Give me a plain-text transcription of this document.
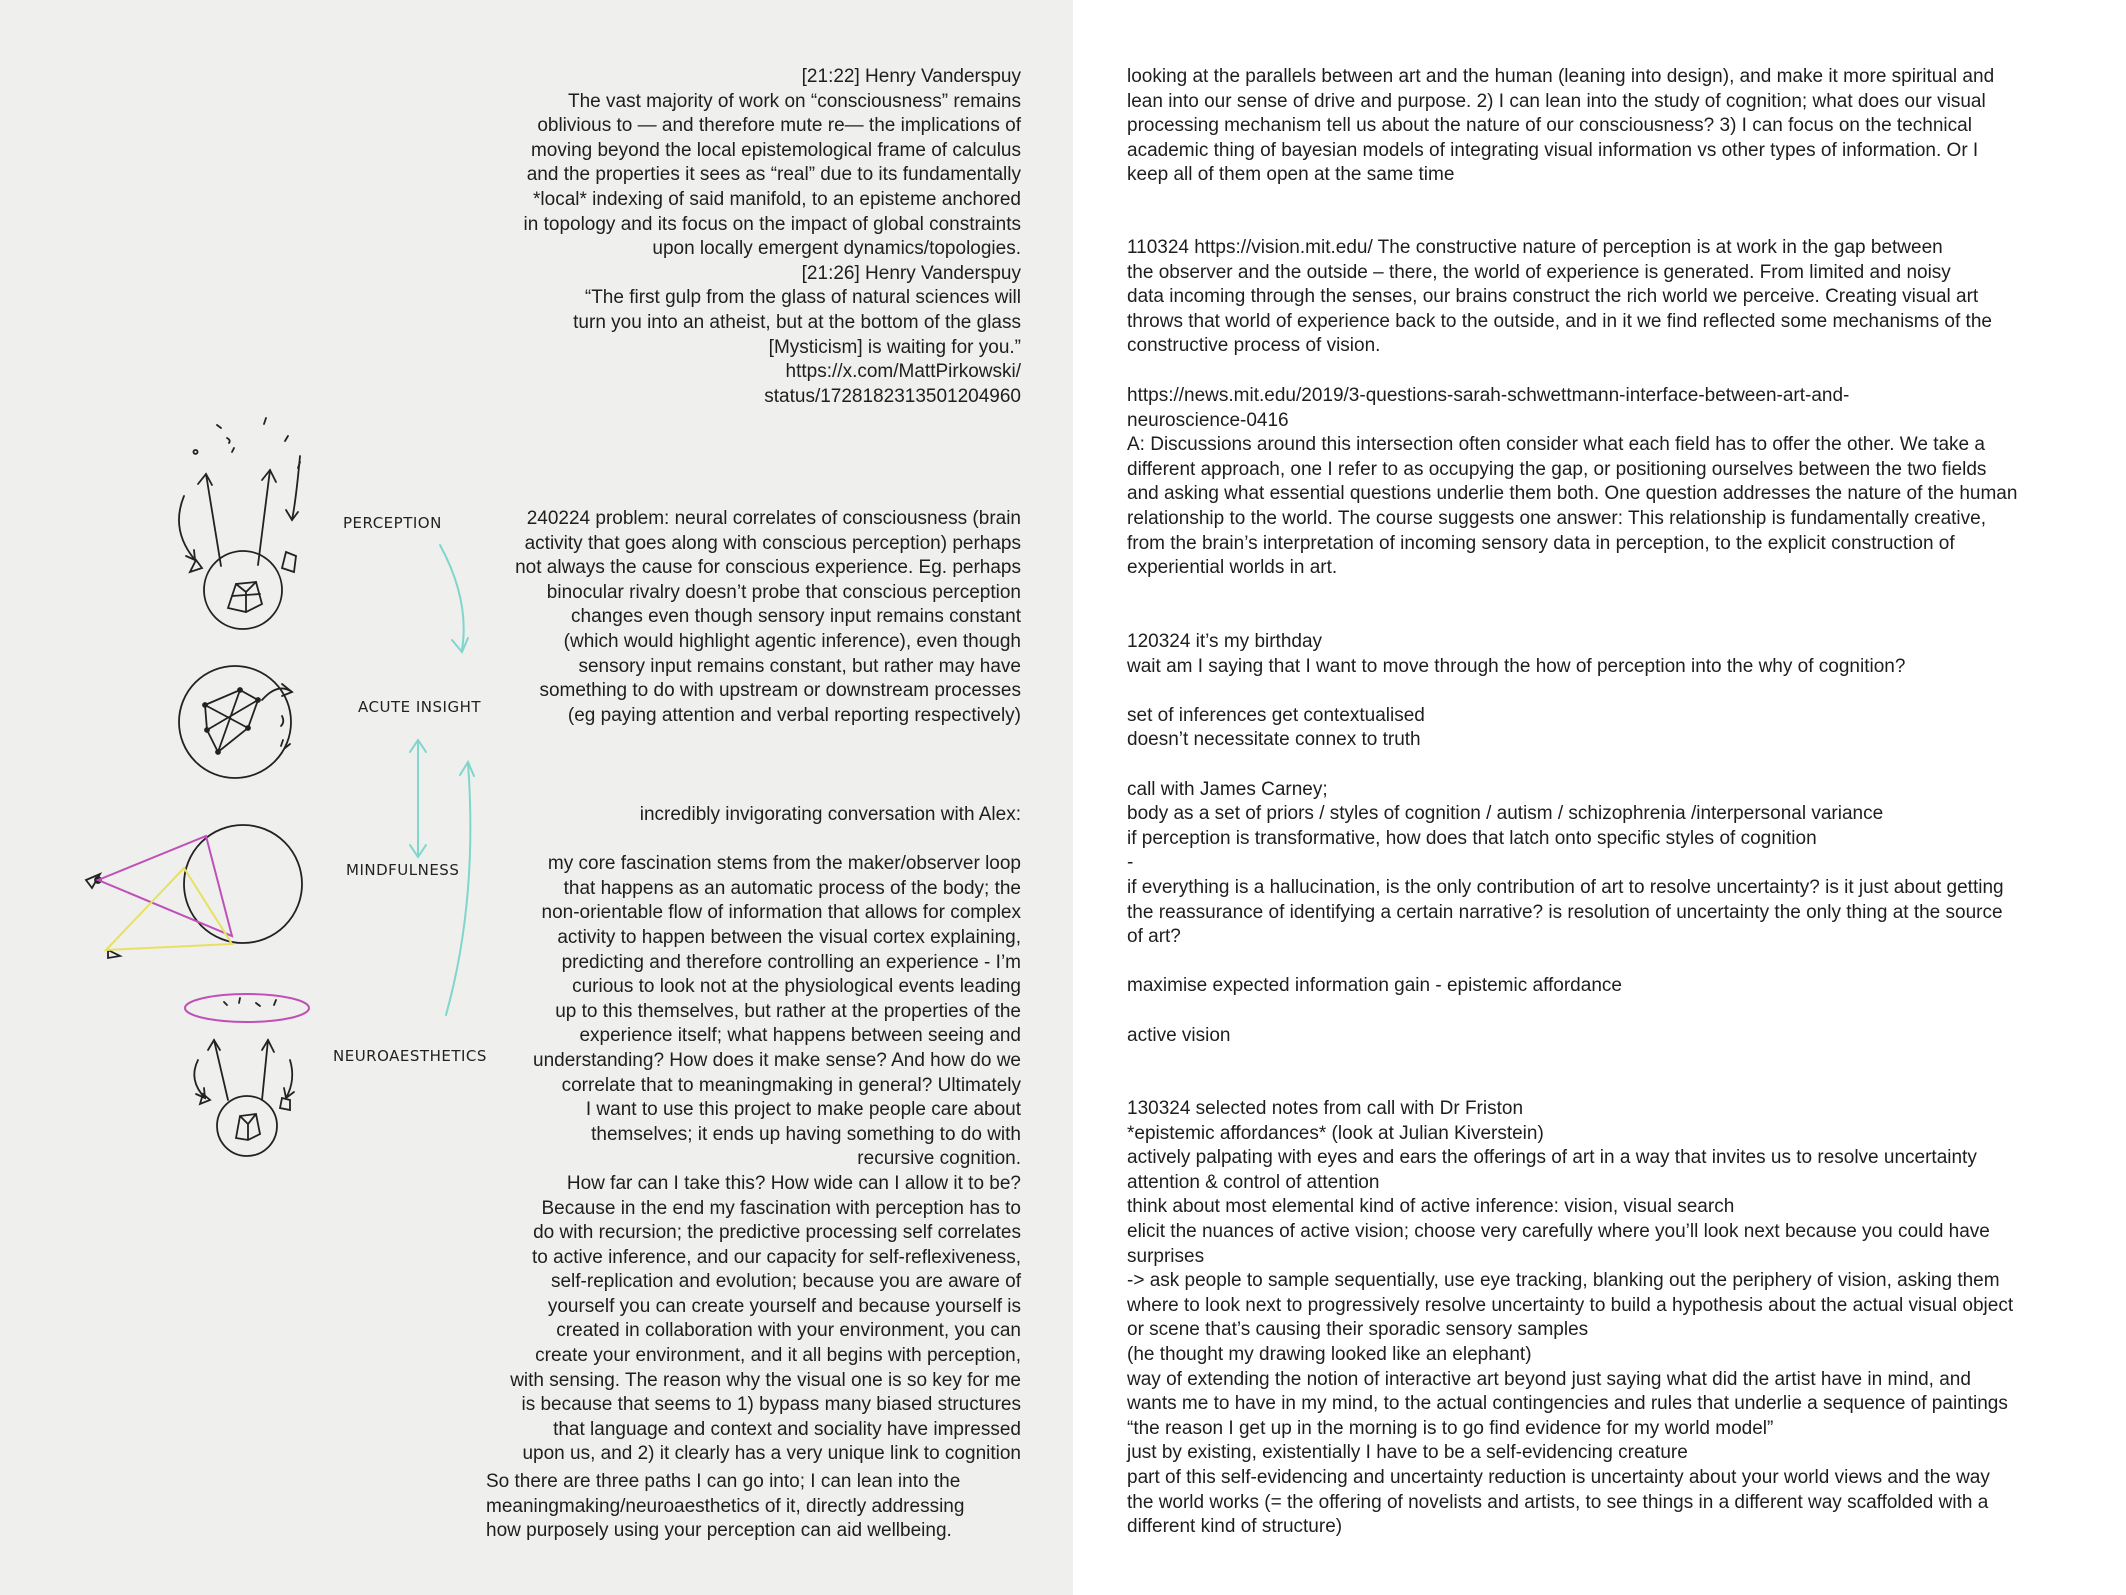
PERCEPTION
ACUTE INSIGHT
MINDFULNESS
NEUROAESTHETICS
[21:22] Henry Vanderspuy
The vast majority of work on “consciousness” remains
oblivious to — and therefore mute re— the implications of
moving beyond the local epistemological frame of calculus
and the properties it sees as “real” due to its fundamentally
*local* indexing of said manifold, to an episteme anchored
in topology and its focus on the impact of global constraints
upon locally emergent dynamics/topologies.
[21:26] Henry Vanderspuy
“The first gulp from the glass of natural sciences will
turn you into an atheist, but at the bottom of the glass
[Mysticism] is waiting for you.”
https://x.com/MattPirkowski/
status/1728182313501204960
240224 problem: neural correlates of consciousness (brain
activity that goes along with conscious perception) perhaps
not always the cause for conscious experience. Eg. perhaps
binocular rivalry doesn’t probe that conscious perception
changes even though sensory input remains constant
(which would highlight agentic inference), even though
sensory input remains constant, but rather may have
something to do with upstream or downstream processes
(eg paying attention and verbal reporting respectively)
incredibly invigorating conversation with Alex:

my core fascination stems from the maker/observer loop
that happens as an automatic process of the body; the
non-orientable flow of information that allows for complex
activity to happen between the visual cortex explaining,
predicting and therefore controlling an experience - I’m
curious to look not at the physiological events leading
up to this themselves, but rather at the properties of the
experience itself; what happens between seeing and
understanding? How does it make sense? And how do we
correlate that to meaningmaking in general? Ultimately
I want to use this project to make people care about
themselves; it ends up having something to do with
recursive cognition.
How far can I take this? How wide can I allow it to be?
Because in the end my fascination with perception has to
do with recursion; the predictive processing self correlates
to active inference, and our capacity for self-reflexiveness,
self-replication and evolution; because you are aware of
yourself you can create yourself and because yourself is
created in collaboration with your environment, you can
create your environment, and it all begins with perception,
with sensing. The reason why the visual one is so key for me
is because that seems to 1) bypass many biased structures
that language and context and sociality have impressed
upon us, and 2) it clearly has a very unique link to cognition
So there are three paths I can go into; I can lean into the
meaningmaking/neuroaesthetics of it, directly addressing
how purposely using your perception can aid wellbeing.
looking at the parallels between art and the human (leaning into design), and make it more spiritual and
lean into our sense of drive and purpose. 2) I can lean into the study of cognition; what does our visual
processing mechanism tell us about the nature of our consciousness? 3) I can focus on the technical
academic thing of bayesian models of integrating visual information vs other types of information. Or I
keep all of them open at the same time
110324 https://vision.mit.edu/ The constructive nature of perception is at work in the gap between
the observer and the outside – there, the world of experience is generated. From limited and noisy
data incoming through the senses, our brains construct the rich world we perceive. Creating visual art
throws that world of experience back to the outside, and in it we find reflected some mechanisms of the
constructive process of vision.
https://news.mit.edu/2019/3-questions-sarah-schwettmann-interface-between-art-and-
neuroscience-0416
A: Discussions around this intersection often consider what each field has to offer the other. We take a
different approach, one I refer to as occupying the gap, or positioning ourselves between the two fields
and asking what essential questions underlie them both. One question addresses the nature of the human
relationship to the world. The course suggests one answer: This relationship is fundamentally creative,
from the brain’s interpretation of incoming sensory data in perception, to the explicit construction of
experiential worlds in art.
120324 it’s my birthday
wait am I saying that I want to move through the how of perception into the why of cognition?

set of inferences get contextualised
doesn’t necessitate connex to truth

call with James Carney;
body as a set of priors / styles of cognition / autism / schizophrenia /interpersonal variance
if perception is transformative, how does that latch onto specific styles of cognition
-
if everything is a hallucination, is the only contribution of art to resolve uncertainty? is it just about getting
the reassurance of identifying a certain narrative? is resolution of uncertainty the only thing at the source
of art?

maximise expected information gain - epistemic affordance

active vision
130324 selected notes from call with Dr Friston
*epistemic affordances* (look at Julian Kiverstein)
actively palpating with eyes and ears the offerings of art in a way that invites us to resolve uncertainty
attention & control of attention
think about most elemental kind of active inference: vision, visual search
elicit the nuances of active vision; choose very carefully where you’ll look next because you could have
surprises
-> ask people to sample sequentially, use eye tracking, blanking out the periphery of vision, asking them
where to look next to progressively resolve uncertainty to build a hypothesis about the actual visual object
or scene that’s causing their sporadic sensory samples
(he thought my drawing looked like an elephant)
way of extending the notion of interactive art beyond just saying what did the artist have in mind, and
wants me to have in my mind, to the actual contingencies and rules that underlie a sequence of paintings
“the reason I get up in the morning is to go find evidence for my world model”
just by existing, existentially I have to be a self-evidencing creature
part of this self-evidencing and uncertainty reduction is uncertainty about your world views and the way
the world works (= the offering of novelists and artists, to see things in a different way scaffolded with a
different kind of structure)
